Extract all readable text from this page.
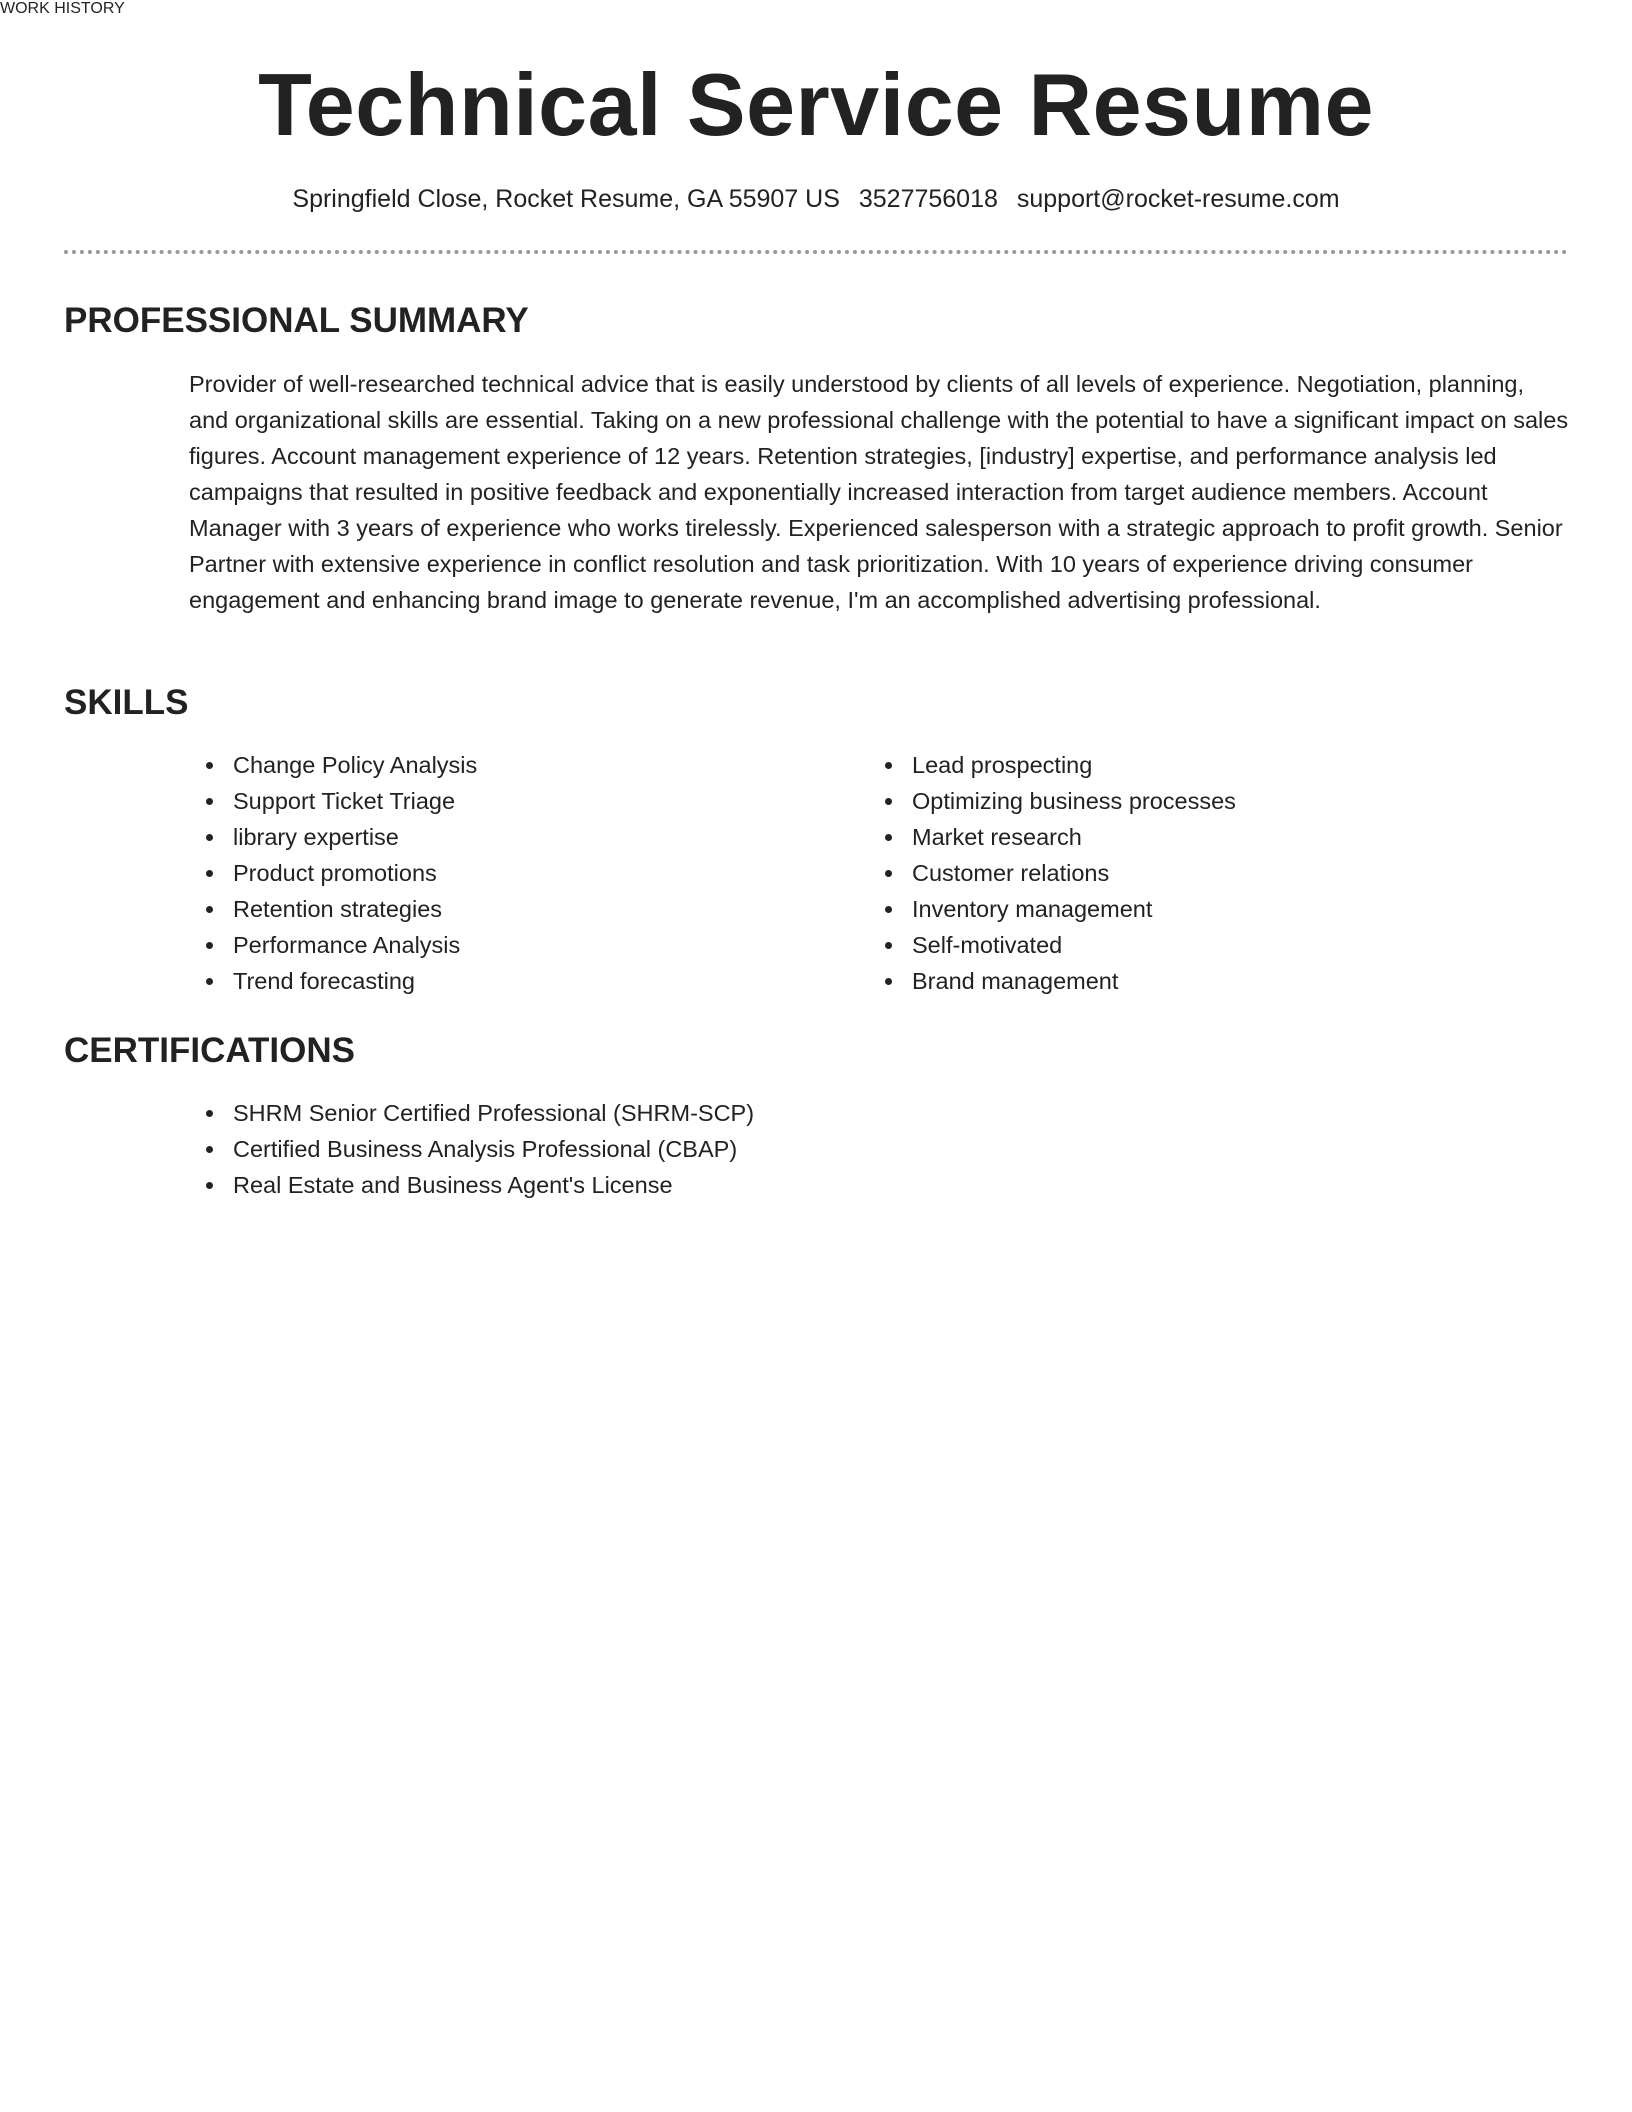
Technical Service Resume
Springfield Close, Rocket Resume, GA 55907 US 3527756018 support@rocket-resume.com
PROFESSIONAL SUMMARY

Provider of well-researched technical advice that is easily understood by clients of all levels of experience. Negotiation, planning, and organizational skills are essential. Taking on a new professional challenge with the potential to have a significant impact on sales figures. Account management experience of 12 years. Retention strategies, [industry] expertise, and performance analysis led campaigns that resulted in positive feedback and exponentially increased interaction from target audience members. Account Manager with 3 years of experience who works tirelessly. Experienced salesperson with a strategic approach to profit growth. Senior Partner with extensive experience in conflict resolution and task prioritization. With 10 years of experience driving consumer engagement and enhancing brand image to generate revenue, I'm an accomplished advertising professional.

SKILLS
Change Policy Analysis
Support Ticket Triage
library expertise
Product promotions
Retention strategies
Performance Analysis
Trend forecasting
Lead prospecting
Optimizing business processes
Market research
Customer relations
Inventory management
Self-motivated
Brand management
CERTIFICATIONS
SHRM Senior Certified Professional (SHRM-SCP)
Certified Business Analysis Professional (CBAP)
Real Estate and Business Agent's License
WORK HISTORY
